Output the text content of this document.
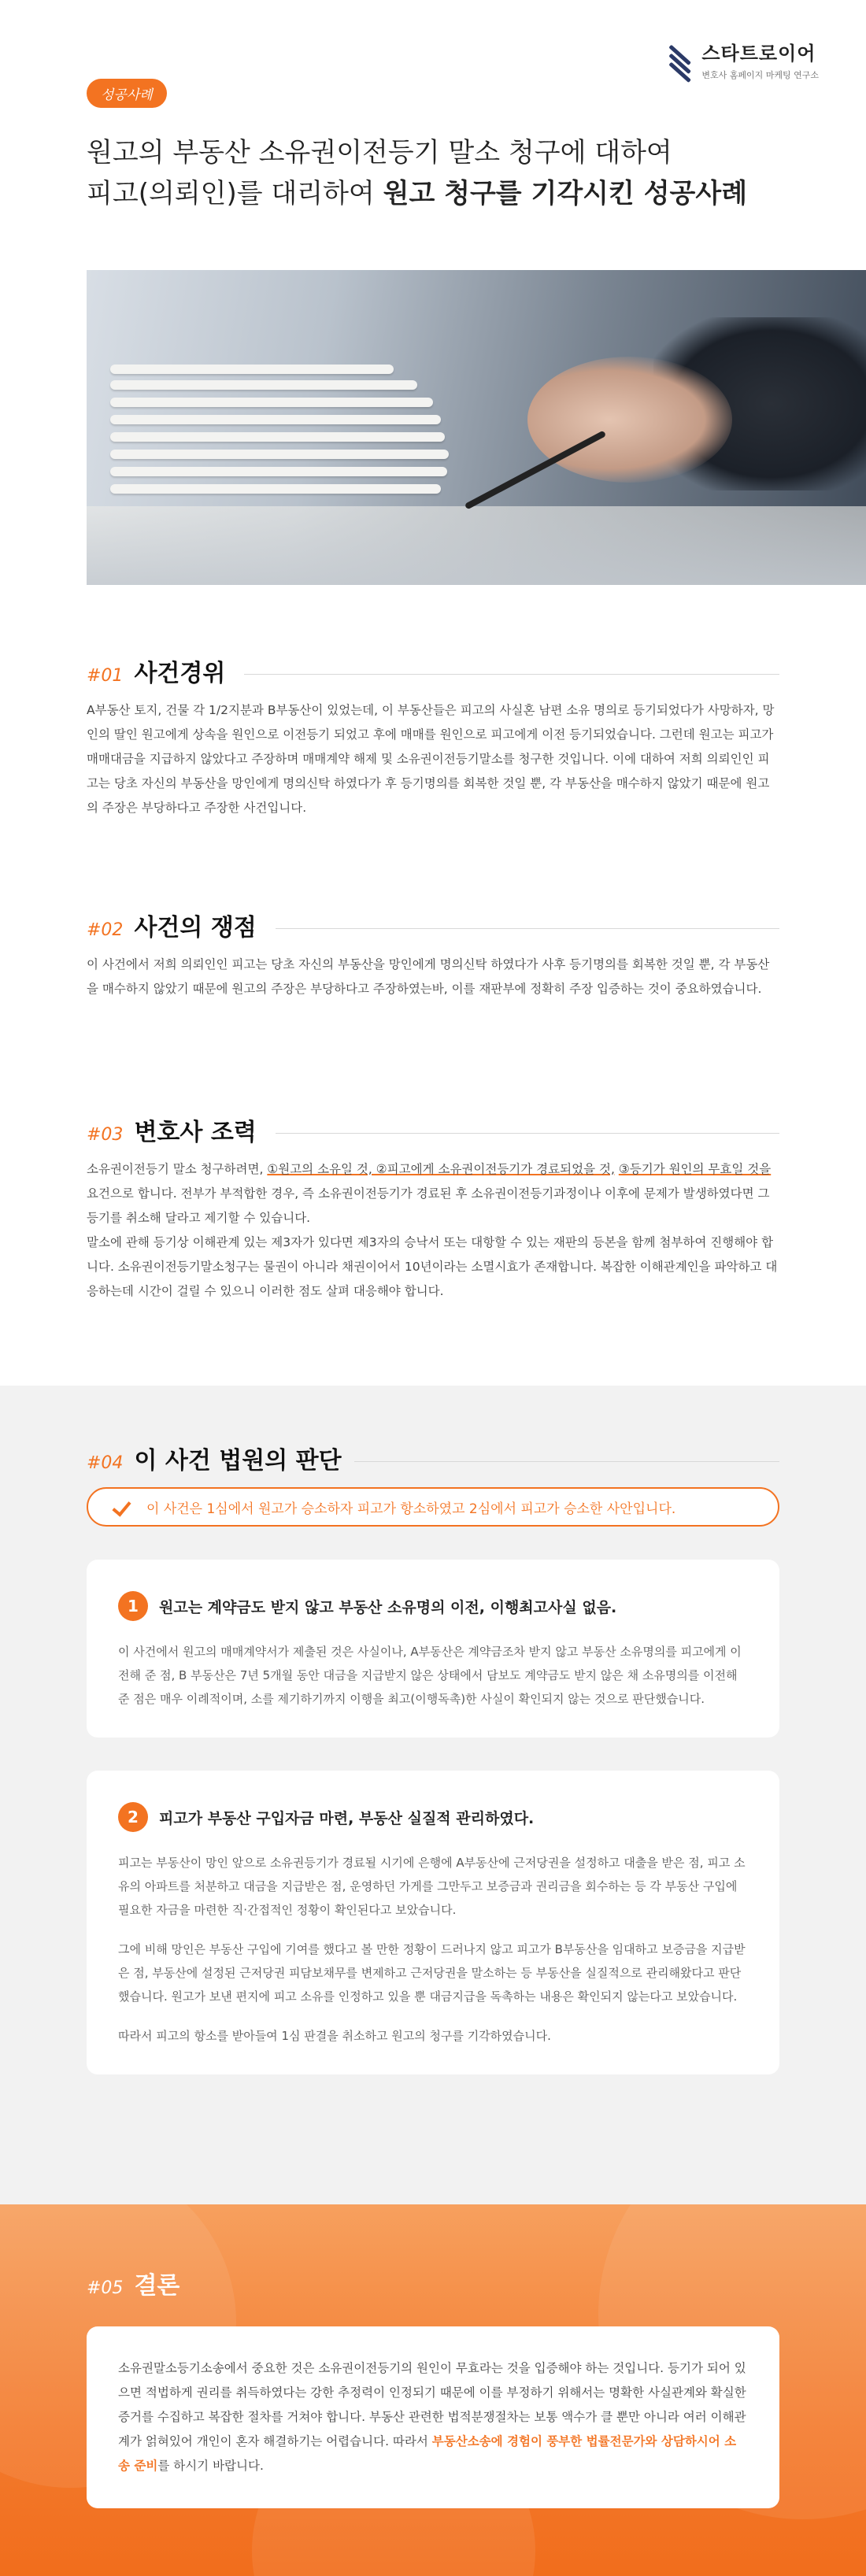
스타트로이어
변호사 홈페이지 마케팅 연구소
성공사례
원고의 부동산 소유권이전등기 말소 청구에 대하여
피고(의뢰인)를 대리하여 원고 청구를 기각시킨 성공사례
#01 사건경위
A부동산 토지, 건물 각 1/2지분과 B부동산이 있었는데, 이 부동산들은 피고의 사실혼 남편 소유 명의로 등기되었다가 사망하자, 망인의 딸인 원고에게 상속을 원인으로 이전등기 되었고 후에 매매를 원인으로 피고에게 이전 등기되었습니다. 그런데 원고는 피고가 매매대금을 지급하지 않았다고 주장하며 매매계약 해제 및 소유권이전등기말소를 청구한 것입니다. 이에 대하여 저희 의뢰인인 피고는 당초 자신의 부동산을 망인에게 명의신탁 하였다가 후 등기명의를 회복한 것일 뿐, 각 부동산을 매수하지 않았기 때문에 원고의 주장은 부당하다고 주장한 사건입니다.
#02 사건의 쟁점
이 사건에서 저희 의뢰인인 피고는 당초 자신의 부동산을 망인에게 명의신탁 하였다가 사후 등기명의를 회복한 것일 뿐, 각 부동산을 매수하지 않았기 때문에 원고의 주장은 부당하다고 주장하였는바, 이를 재판부에 정확히 주장 입증하는 것이 중요하였습니다.
#03 변호사 조력
소유권이전등기 말소 청구하려면, ①원고의 소유일 것, ②피고에게 소유권이전등기가 경료되었을 것, ③등기가 원인의 무효일 것을 요건으로 합니다. 전부가 부적합한 경우, 즉 소유권이전등기가 경료된 후 소유권이전등기과정이나 이후에 문제가 발생하였다면 그 등기를 취소해 달라고 제기할 수 있습니다.
말소에 관해 등기상 이해관계 있는 제3자가 있다면 제3자의 승낙서 또는 대항할 수 있는 재판의 등본을 함께 첨부하여 진행해야 합니다. 소유권이전등기말소청구는 물권이 아니라 채권이어서 10년이라는 소멸시효가 존재합니다. 복잡한 이해관계인을 파악하고 대응하는데 시간이 걸릴 수 있으니 이러한 점도 살펴 대응해야 합니다.
#04 이 사건 법원의 판단
이 사건은 1심에서 원고가 승소하자 피고가 항소하였고 2심에서 피고가 승소한 사안입니다.
1	원고는 계약금도 받지 않고 부동산 소유명의 이전, 이행최고사실 없음.

이 사건에서 원고의 매매계약서가 제출된 것은 사실이나, A부동산은 계약금조차 받지 않고 부동산 소유명의를 피고에게 이전해 준 점, B 부동산은 7년 5개월 동안 대금을 지급받지 않은 상태에서 담보도 계약금도 받지 않은 채 소유명의를 이전해 준 점은 매우 이례적이며, 소를 제기하기까지 이행을 최고(이행독촉)한 사실이 확인되지 않는 것으로 판단했습니다.

2	피고가 부동산 구입자금 마련, 부동산 실질적 관리하였다.

피고는 부동산이 망인 앞으로 소유권등기가 경료될 시기에 은행에 A부동산에 근저당권을 설정하고 대출을 받은 점, 피고 소유의 아파트를 처분하고 대금을 지급받은 점, 운영하던 가게를 그만두고 보증금과 권리금을 회수하는 등 각 부동산 구입에 필요한 자금을 마련한 직·간접적인 정황이 확인된다고 보았습니다.

그에 비해 망인은 부동산 구입에 기여를 했다고 볼 만한 정황이 드러나지 않고 피고가 B부동산을 임대하고 보증금을 지급받은 점, 부동산에 설정된 근저당권 피담보채무를 변제하고 근저당권을 말소하는 등 부동산을 실질적으로 관리해왔다고 판단했습니다. 원고가 보낸 편지에 피고 소유를 인정하고 있을 뿐 대금지급을 독촉하는 내용은 확인되지 않는다고 보았습니다.

따라서 피고의 항소를 받아들여 1심 판결을 취소하고 원고의 청구를 기각하였습니다.

#05 결론
소유권말소등기소송에서 중요한 것은 소유권이전등기의 원인이 무효라는 것을 입증해야 하는 것입니다. 등기가 되어 있으면 적법하게 권리를 취득하였다는 강한 추정력이 인정되기 때문에 이를 부정하기 위해서는 명확한 사실관계와 확실한 증거를 수집하고 복잡한 절차를 거쳐야 합니다. 부동산 관련한 법적분쟁절차는 보통 액수가 클 뿐만 아니라 여러 이해관계가 얽혀있어 개인이 혼자 해결하기는 어렵습니다. 따라서 부동산소송에 경험이 풍부한 법률전문가와 상담하시어 소송 준비를 하시기 바랍니다.
